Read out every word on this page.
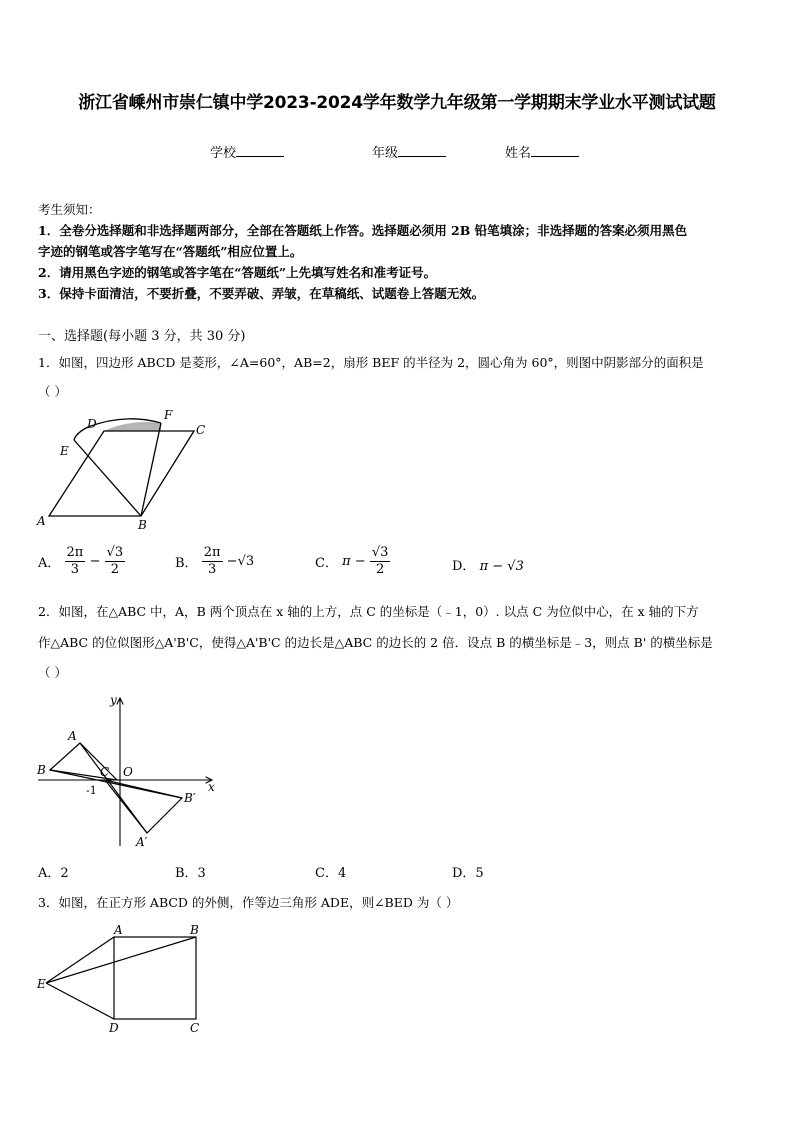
浙江省嵊州市崇仁镇中学2023-2024学年数学九年级第一学期期末学业水平测试试题
学校	年级	姓名
考生须知：
1．全卷分选择题和非选择题两部分，全部在答题纸上作答。选择题必须用 2B 铅笔填涂；非选择题的答案必须用黑色
字迹的钢笔或答字笔写在“答题纸”相应位置上。
2．请用黑色字迹的钢笔或答字笔在“答题纸”上先填写姓名和准考证号。
3．保持卡面清洁，不要折叠，不要弄破、弄皱，在草稿纸、试题卷上答题无效。
一、选择题(每小题 3 分，共 30 分)
1．如图，四边形 ABCD 是菱形，∠A=60°，AB=2，扇形 BEF 的半径为 2，圆心角为 60°，则图中阴影部分的面积是
（ ）
A	B
C
D
E
F
A． $\frac{2\pi}{3} - \frac{√3}{2}$	B． $\frac{2\pi}{3} -√3$	C． $\pi - \frac{√3}{2}$	D． π − √3
2．如图，在△ABC 中，A，B 两个顶点在 x 轴的上方，点 C 的坐标是（﹣1，0）. 以点 C 为位似中心，在 x 轴的下方
作△ABC 的位似图形△A'B'C，使得△A'B'C 的边长是△ABC 的边长的 2 倍．设点 B 的横坐标是﹣3，则点 B' 的横坐标是
（ ）
y
x
A
B	C O
-1
B′
A′
A．2	B．3	C．4	D．5
3．如图，在正方形 ABCD 的外侧，作等边三角形 ADE，则∠BED 为（ ）
A	B
C
D
E
